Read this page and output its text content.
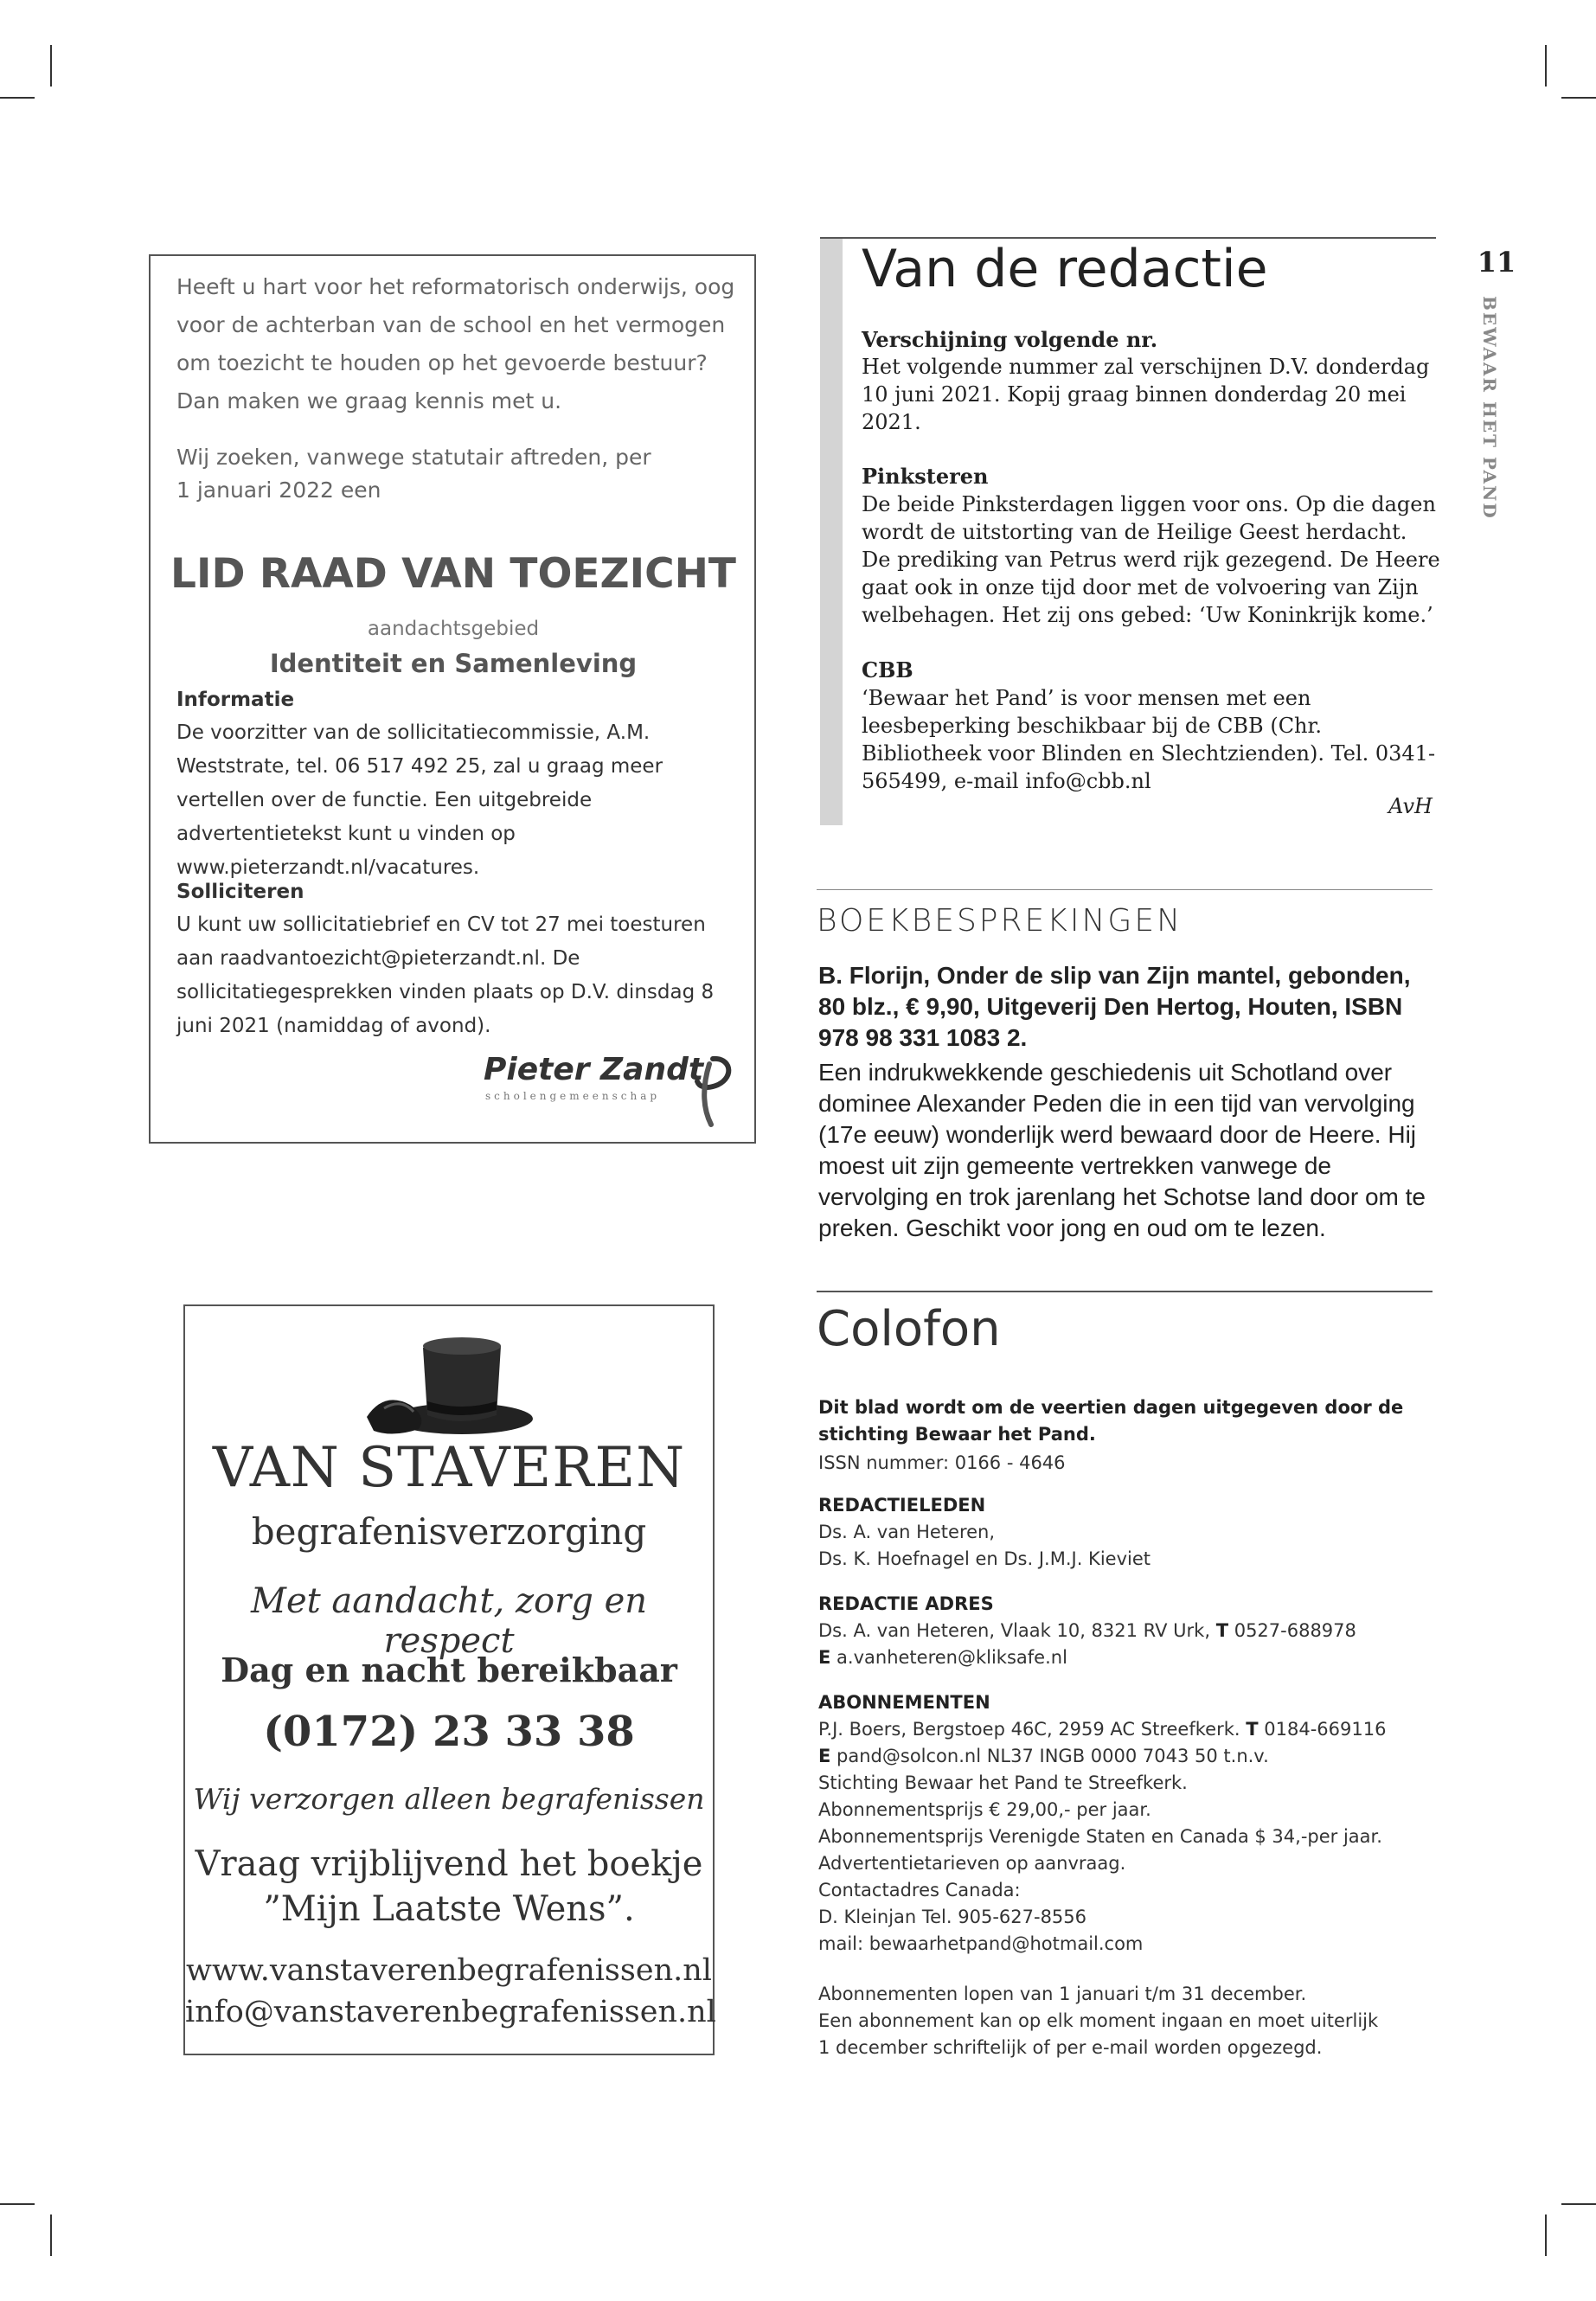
Heeft u hart voor het reformatorisch onderwijs, oog voor de achterban van de school en het vermogen om toezicht te houden op het gevoerde bestuur? Dan maken we graag kennis met u.
Wij zoeken, vanwege statutair aftreden, per 1 januari 2022 een
LID RAAD VAN TOEZICHT
aandachtsgebied
Identiteit en Samenleving
Informatie
De voorzitter van de sollicitatiecommissie, A.M. Weststrate, tel. 06 517 492 25, zal u graag meer vertellen over de functie. Een uitgebreide advertentietekst kunt u vinden op www.pieterzandt.nl/vacatures.
Solliciteren
U kunt uw sollicitatiebrief en CV tot 27 mei toesturen aan raadvantoezicht@pieterzandt.nl. De sollicitatiegesprekken vinden plaats op D.V. dinsdag 8 juni 2021 (namiddag of avond).
Pieter Zandt
scholengemeenschap
Van de redactie
Verschijning volgende nr.
Het volgende nummer zal verschijnen D.V. donderdag 10 juni 2021. Kopij graag binnen donderdag 20 mei 2021.
Pinksteren
De beide Pinksterdagen liggen voor ons. Op die dagen wordt de uitstorting van de Heilige Geest herdacht. De prediking van Petrus werd rijk gezegend. De Heere gaat ook in onze tijd door met de volvoering van Zijn welbehagen. Het zij ons gebed: ‘Uw Koninkrijk kome.’
CBB
‘Bewaar het Pand’ is voor mensen met een leesbeperking beschikbaar bij de CBB (Chr. Bibliotheek voor Blinden en Slechtzienden). Tel. 0341- 565499, e-mail info@cbb.nl
AvH
11
BEWAAR HET PAND
BOEKBESPREKINGEN
B. Florijn, Onder de slip van Zijn mantel, gebonden, 80 blz., € 9,90, Uitgeverij Den Hertog, Houten, ISBN 978 98 331 1083 2.
Een indrukwekkende geschiedenis uit Schotland over dominee Alexander Peden die in een tijd van vervolging (17e eeuw) wonderlijk werd bewaard door de Heere. Hij moest uit zijn gemeente vertrekken vanwege de vervolging en trok jarenlang het Schotse land door om te preken. Geschikt voor jong en oud om te lezen.
Colofon
Dit blad wordt om de veertien dagen uitgegeven door de stichting Bewaar het Pand.
ISSN nummer: 0166 - 4646
REDACTIELEDEN
Ds. A. van Heteren,
Ds. K. Hoefnagel en Ds. J.M.J. Kieviet
REDACTIE ADRES
Ds. A. van Heteren, Vlaak 10, 8321 RV Urk, T 0527-688978
E a.vanheteren@kliksafe.nl
ABONNEMENTEN
P.J. Boers, Bergstoep 46C, 2959 AC Streefkerk. T 0184-669116
E pand@solcon.nl NL37 INGB 0000 7043 50 t.n.v.
Stichting Bewaar het Pand te Streefkerk.
Abonnementsprijs € 29,00,- per jaar.
Abonnementsprijs Verenigde Staten en Canada $ 34,-per jaar.
Advertentietarieven op aanvraag.
Contactadres Canada:
D. Kleinjan Tel. 905-627-8556
mail: bewaarhetpand@hotmail.com
Abonnementen lopen van 1 januari t/m 31 december.
Een abonnement kan op elk moment ingaan en moet uiterlijk
1 december schriftelijk of per e-mail worden opgezegd.
VAN STAVEREN
begrafenisverzorging
Met aandacht, zorg en respect
Dag en nacht bereikbaar
(0172) 23 33 38
Wij verzorgen alleen begrafenissen
Vraag vrijblijvend het boekje
”Mijn Laatste Wens”.
www.vanstaverenbegrafenissen.nl
info@vanstaverenbegrafenissen.nl
